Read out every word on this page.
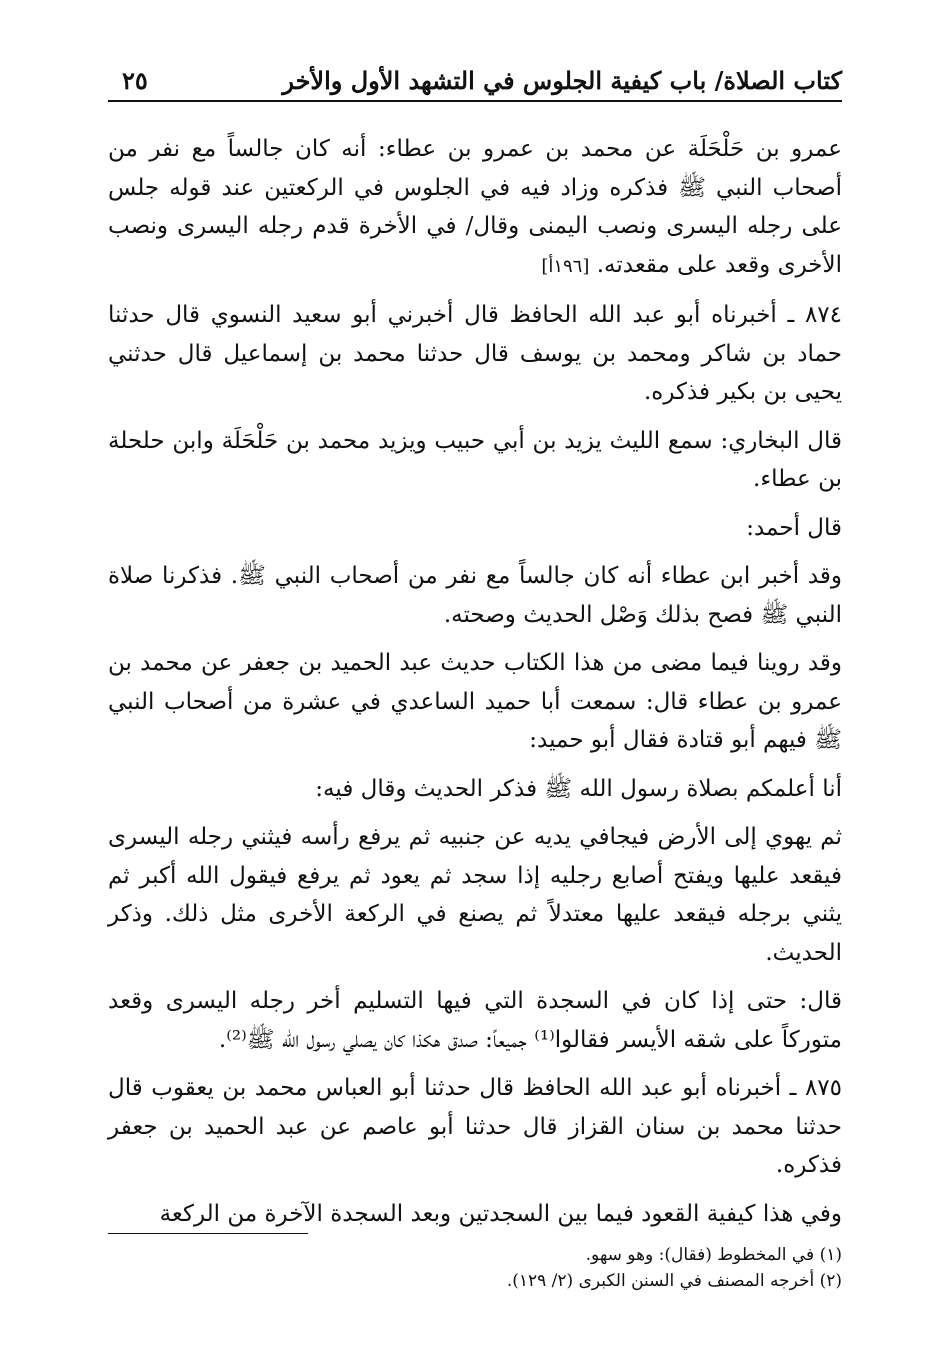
كتاب الصلاة/ باب كيفية الجلوس في التشهد الأول والأخر
٢٥

عمرو بن حَلْحَلَة عن محمد بن عمرو بن عطاء: أنه كان جالساً مع نفر من أصحاب النبي ﷺ فذكره وزاد فيه في الجلوس في الركعتين عند قوله جلس على رجله اليسرى ونصب اليمنى وقال/ في الأخرة قدم رجله اليسرى ونصب الأخرى وقعد على مقعدته. [١٩٦أ]

٨٧٤ ـ أخبرناه أبو عبد الله الحافظ قال أخبرني أبو سعيد النسوي قال حدثنا حماد بن شاكر ومحمد بن يوسف قال حدثنا محمد بن إسماعيل قال حدثني يحيى بن بكير فذكره.

قال البخاري: سمع الليث يزيد بن أبي حبيب ويزيد محمد بن حَلْحَلَة وابن حلحلة بن عطاء.

قال أحمد:

وقد أخبر ابن عطاء أنه كان جالساً مع نفر من أصحاب النبي ﷺ. فذكرنا صلاة النبي ﷺ فصح بذلك وَصْل الحديث وصحته.

وقد روينا فيما مضى من هذا الكتاب حديث عبد الحميد بن جعفر عن محمد بن عمرو بن عطاء قال: سمعت أبا حميد الساعدي في عشرة من أصحاب النبي ﷺ فيهم أبو قتادة فقال أبو حميد:

أنا أعلمكم بصلاة رسول الله ﷺ فذكر الحديث وقال فيه:

ثم يهوي إلى الأرض فيجافي يديه عن جنبيه ثم يرفع رأسه فيثني رجله اليسرى فيقعد عليها ويفتح أصابع رجليه إذا سجد ثم يعود ثم يرفع فيقول الله أكبر ثم يثني برجله فيقعد عليها معتدلاً ثم يصنع في الركعة الأخرى مثل ذلك. وذكر الحديث.

قال: حتى إذا كان في السجدة التي فيها التسليم أخر رجله اليسرى وقعد متوركاً على شقه الأيسر فقالوا⁽¹⁾ جميعاً: صدق هكذا كان يصلي رسول الله ﷺ⁽²⁾.

٨٧٥ ـ أخبرناه أبو عبد الله الحافظ قال حدثنا أبو العباس محمد بن يعقوب قال حدثنا محمد بن سنان القزاز قال حدثنا أبو عاصم عن عبد الحميد بن جعفر فذكره.

وفي هذا كيفية القعود فيما بين السجدتين وبعد السجدة الآخرة من الركعة

(١) في المخطوط (فقال): وهو سهو.
(٢) أخرجه المصنف في السنن الكبرى (٢/ ١٢٩).
